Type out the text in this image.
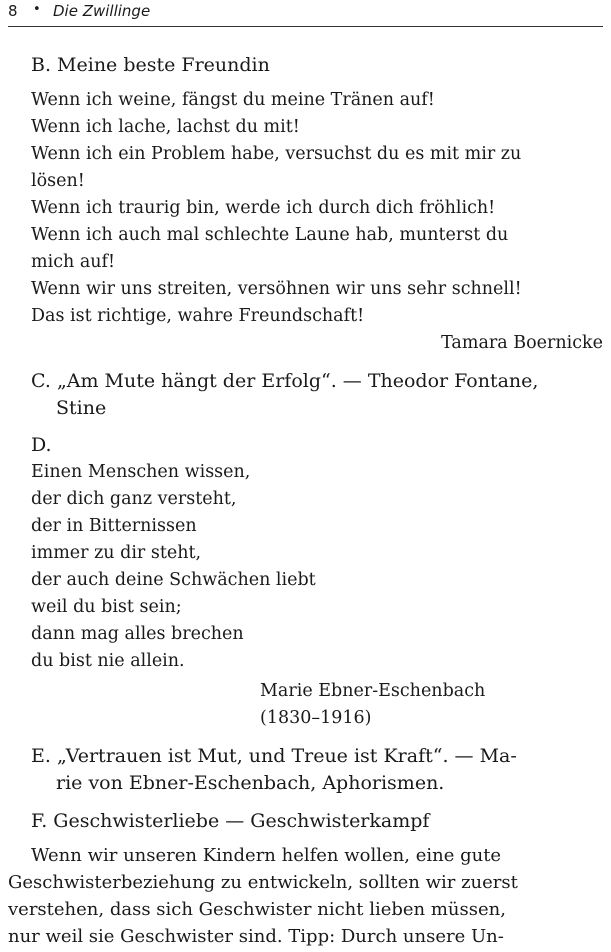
8 • Die Zwillinge
B. Meine beste Freundin
Wenn ich weine, fängst du meine Tränen auf!
Wenn ich lache, lachst du mit!
Wenn ich ein Problem habe, versuchst du es mit mir zu
lösen!
Wenn ich traurig bin, werde ich durch dich fröhlich!
Wenn ich auch mal schlechte Laune hab, munterst du
mich auf!
Wenn wir uns streiten, versöhnen wir uns sehr schnell!
Das ist richtige, wahre Freundschaft!
Tamara Boernicke
C. „Am Mute hängt der Erfolg“. — Theodor Fontane,
Stine
D.
Einen Menschen wissen,
der dich ganz versteht,
der in Bitternissen
immer zu dir steht,
der auch deine Schwächen liebt
weil du bist sein;
dann mag alles brechen
du bist nie allein.
Marie Ebner-Eschenbach
(1830–1916)
E. „Vertrauen ist Mut, und Treue ist Kraft“. — Ma-
rie von Ebner-Eschenbach, Aphorismen.
F. Geschwisterliebe — Geschwisterkampf
Wenn wir unseren Kindern helfen wollen, eine gute
Geschwisterbeziehung zu entwickeln, sollten wir zuerst
verstehen, dass sich Geschwister nicht lieben müssen,
nur weil sie Geschwister sind. Tipp: Durch unsere Un-
